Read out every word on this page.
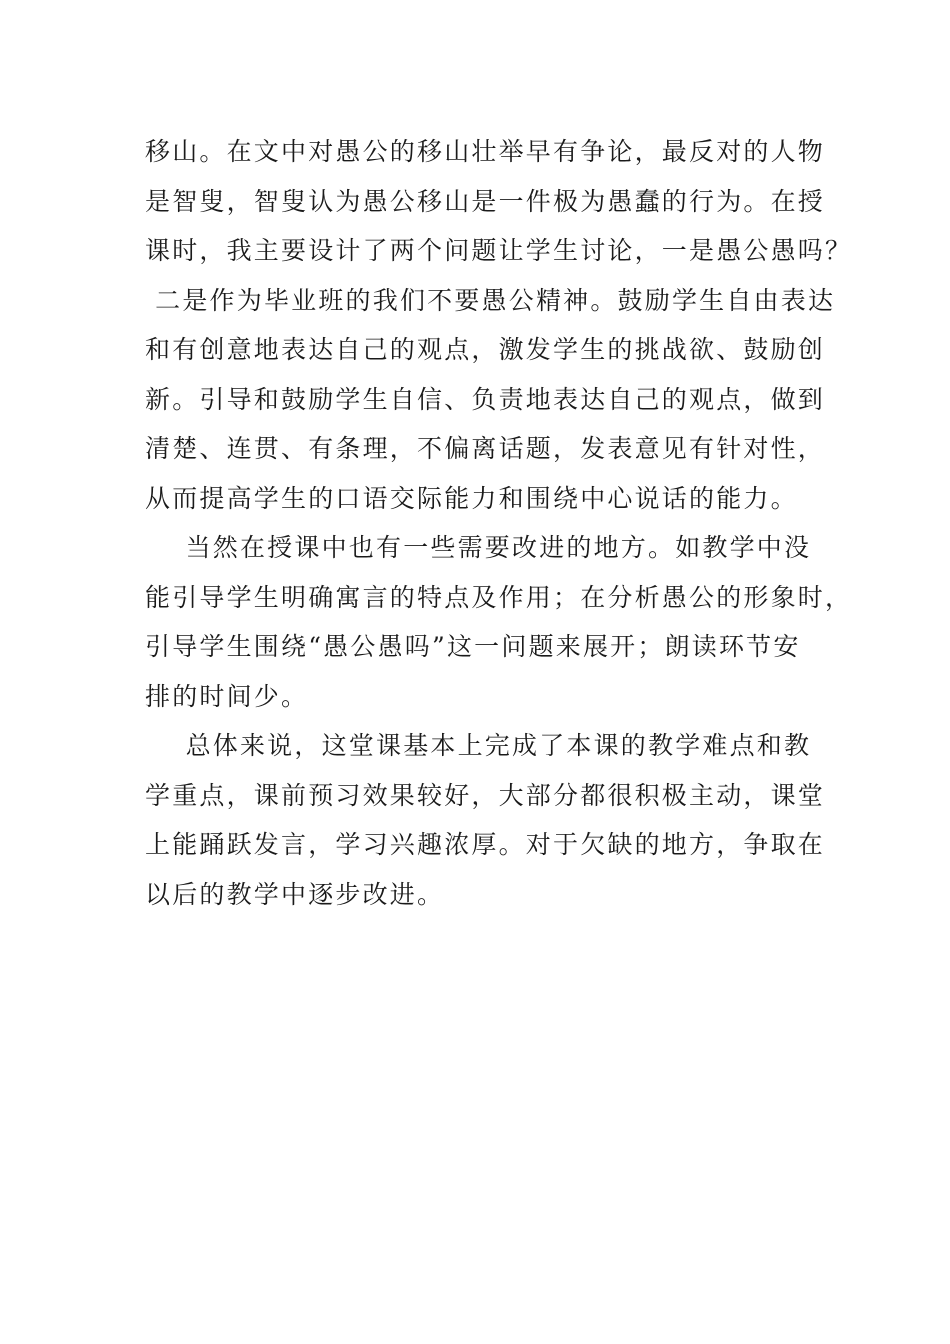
移山。在文中对愚公的移山壮举早有争论，最反对的人物
是智叟，智叟认为愚公移山是一件极为愚蠢的行为。在授
课时，我主要设计了两个问题让学生讨论，一是愚公愚吗？
二是作为毕业班的我们不要愚公精神。鼓励学生自由表达
和有创意地表达自己的观点，激发学生的挑战欲、鼓励创
新。引导和鼓励学生自信、负责地表达自己的观点，做到
清楚、连贯、有条理，不偏离话题，发表意见有针对性，
从而提高学生的口语交际能力和围绕中心说话的能力。
当然在授课中也有一些需要改进的地方。如教学中没
能引导学生明确寓言的特点及作用；在分析愚公的形象时，
引导学生围绕“愚公愚吗”这一问题来展开；朗读环节安
排的时间少。
总体来说，这堂课基本上完成了本课的教学难点和教
学重点，课前预习效果较好，大部分都很积极主动，课堂
上能踊跃发言，学习兴趣浓厚。对于欠缺的地方，争取在
以后的教学中逐步改进。
